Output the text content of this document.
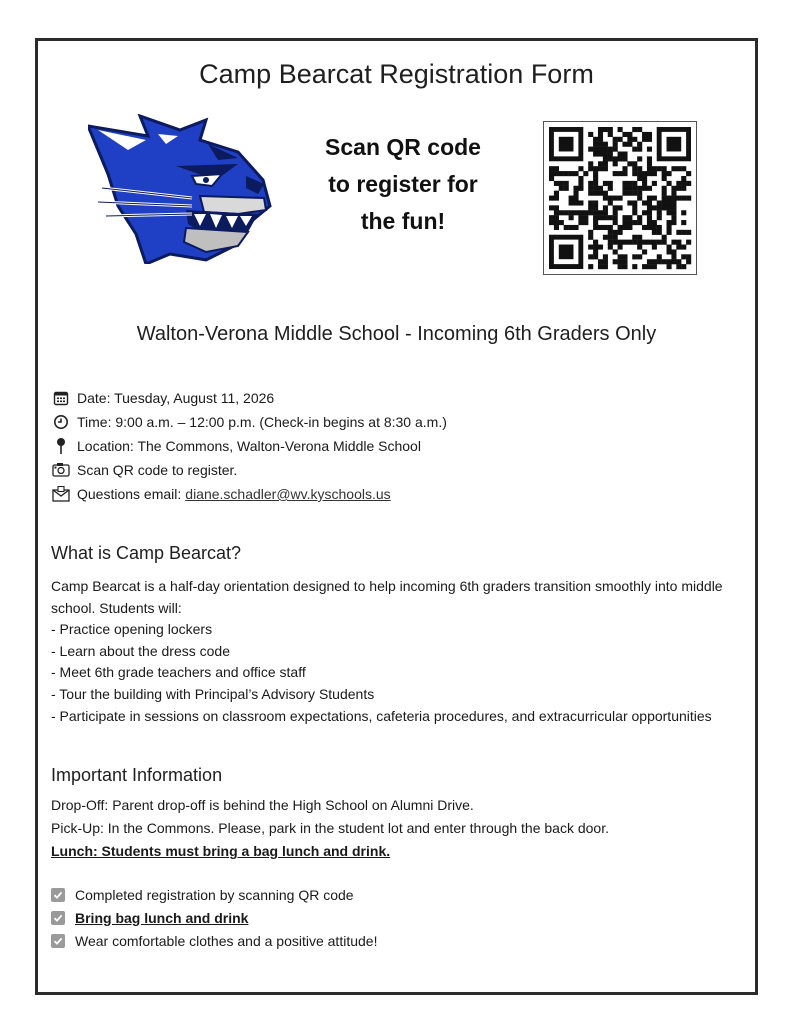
Camp Bearcat Registration Form
Scan QR code
to register for
the fun!
Walton-Verona Middle School - Incoming 6th Graders Only
Date: Tuesday, August 11, 2026
Time: 9:00 a.m. – 12:00 p.m. (Check-in begins at 8:30 a.m.)
Location: The Commons, Walton-Verona Middle School
Scan QR code to register.
Questions email: diane.schadler@wv.kyschools.us
What is Camp Bearcat?
Camp Bearcat is a half-day orientation designed to help incoming 6th graders transition smoothly into middle school. Students will:
- Practice opening lockers
- Learn about the dress code
- Meet 6th grade teachers and office staff
- Tour the building with Principal’s Advisory Students
- Participate in sessions on classroom expectations, cafeteria procedures, and extracurricular opportunities
Important Information
Drop-Off: Parent drop-off is behind the High School on Alumni Drive.
Pick-Up: In the Commons. Please, park in the student lot and enter through the back door.
Lunch: Students must bring a bag lunch and drink.
Completed registration by scanning QR code
Bring bag lunch and drink
Wear comfortable clothes and a positive attitude!
